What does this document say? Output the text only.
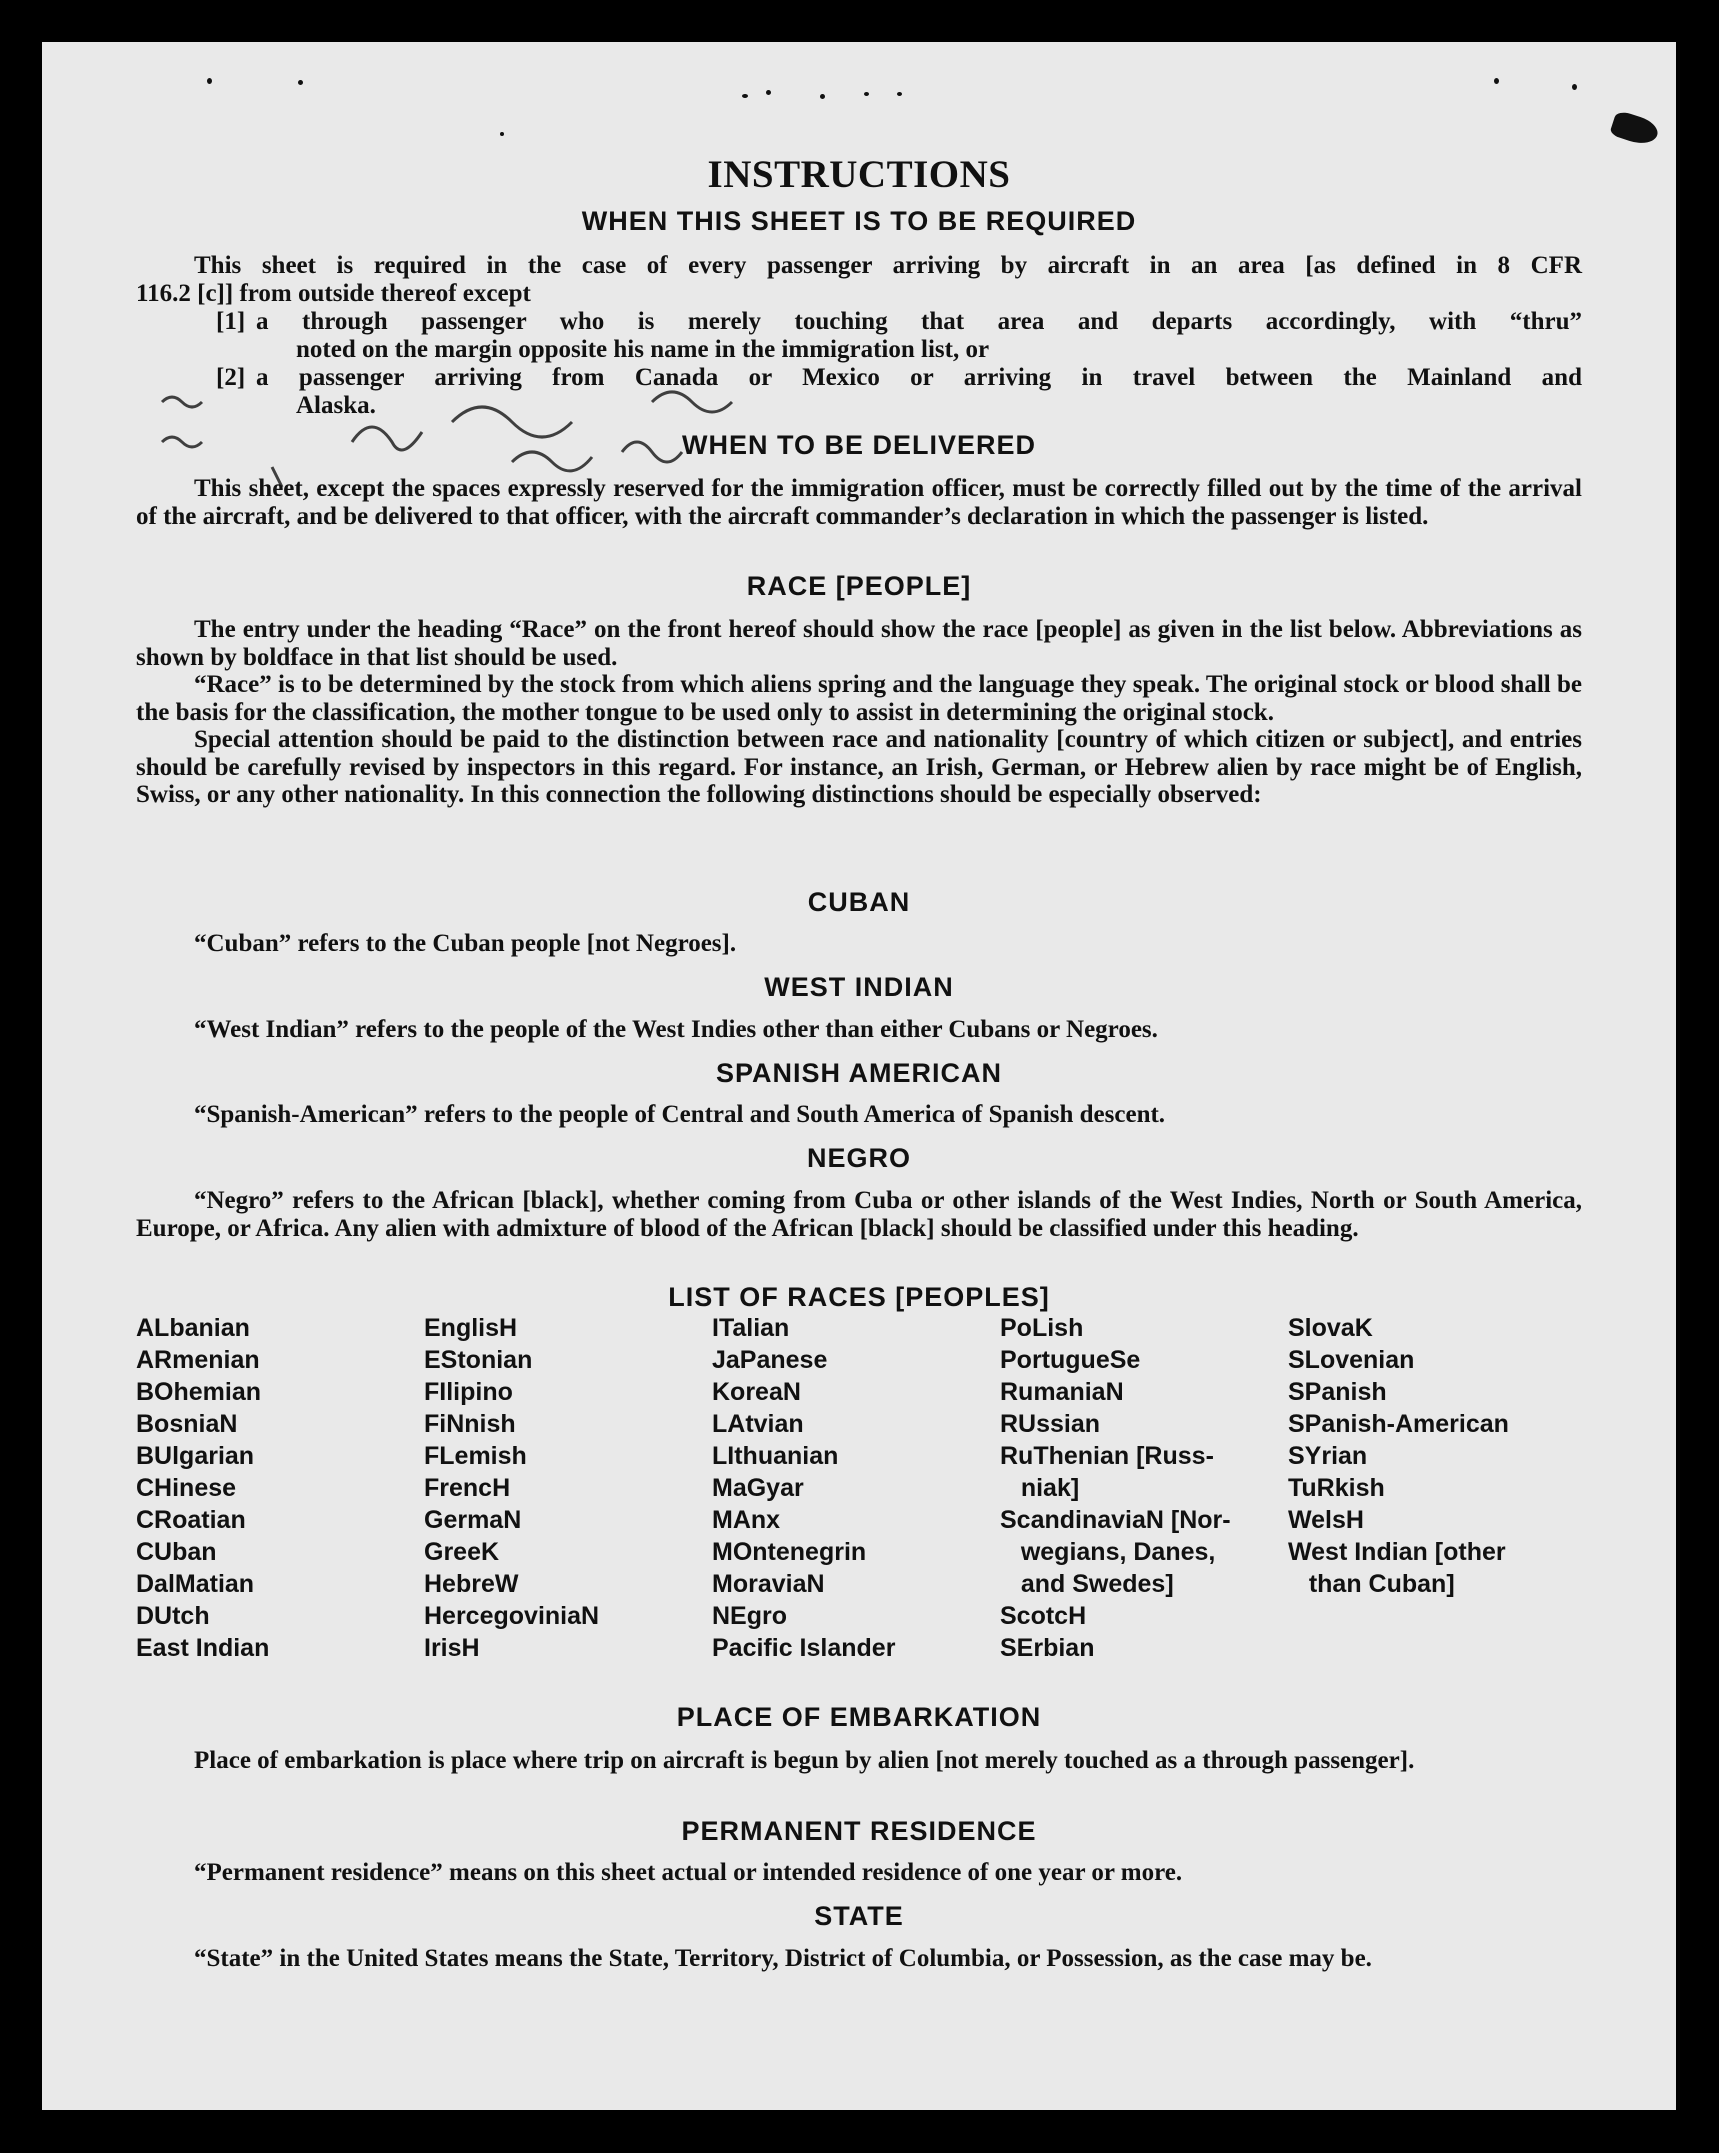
INSTRUCTIONS
WHEN THIS SHEET IS TO BE REQUIRED
This sheet is required in the case of every passenger arriving by aircraft in an area [as defined in 8 CFR
116.2 [c]] from outside thereof except
[1] a through passenger who is merely touching that area and departs accordingly, with “thru”
noted on the margin opposite his name in the immigration list, or
[2] a passenger arriving from Canada or Mexico or arriving in travel between the Mainland and
Alaska.
WHEN TO BE DELIVERED

This sheet, except the spaces expressly reserved for the immigration officer, must be correctly filled out by the time of the arrival of the aircraft, and be delivered to that officer, with the aircraft commander’s declaration in which the passenger is listed.

RACE [PEOPLE]

The entry under the heading “Race” on the front hereof should show the race [people] as given in the list below. Abbreviations as shown by boldface in that list should be used.

“Race” is to be determined by the stock from which aliens spring and the language they speak. The original stock or blood shall be the basis for the classification, the mother tongue to be used only to assist in determining the original stock.

Special attention should be paid to the distinction between race and nationality [country of which citizen or subject], and entries should be carefully revised by inspectors in this regard. For instance, an Irish, German, or Hebrew alien by race might be of English, Swiss, or any other nationality. In this connection the following distinctions should be especially observed:

CUBAN

“Cuban” refers to the Cuban people [not Negroes].

WEST INDIAN

“West Indian” refers to the people of the West Indies other than either Cubans or Negroes.

SPANISH AMERICAN

“Spanish-American” refers to the people of Central and South America of Spanish descent.

NEGRO

“Negro” refers to the African [black], whether coming from Cuba or other islands of the West Indies, North or South America, Europe, or Africa. Any alien with admixture of blood of the African [black] should be classified under this heading.

LIST OF RACES [PEOPLES]
ALbanian
ARmenian
BOhemian
BosniaN
BUlgarian
CHinese
CRoatian
CUban
DalMatian
DUtch
East Indian
EnglisH
EStonian
FIlipino
FiNnish
FLemish
FrencH
GermaN
GreeK
HebreW
HercegoviniaN
IrisH
ITalian
JaPanese
KoreaN
LAtvian
LIthuanian
MaGyar
MAnx
MOntenegrin
MoraviaN
NEgro
Pacific Islander
PoLish
PortugueSe
RumaniaN
RUssian
RuThenian [Russ-
niak]
ScandinaviaN [Nor-
wegians, Danes,
and Swedes]
ScotcH
SErbian
SlovaK
SLovenian
SPanish
SPanish-American
SYrian
TuRkish
WelsH
West Indian [other
than Cuban]
PLACE OF EMBARKATION

Place of embarkation is place where trip on aircraft is begun by alien [not merely touched as a through passenger].

PERMANENT RESIDENCE

“Permanent residence” means on this sheet actual or intended residence of one year or more.

STATE

“State” in the United States means the State, Territory, District of Columbia, or Possession, as the case may be.
